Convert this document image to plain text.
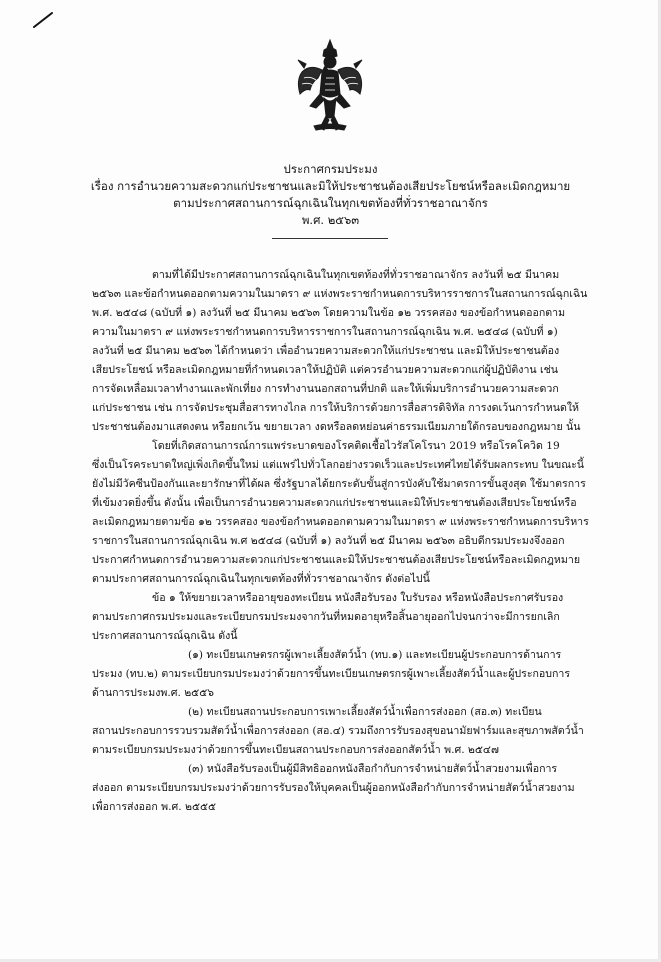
ประกาศกรมประมง
เรื่อง การอำนวยความสะดวกแก่ประชาชนและมิให้ประชาชนต้องเสียประโยชน์หรือละเมิดกฎหมาย
ตามประกาศสถานการณ์ฉุกเฉินในทุกเขตท้องที่ทั่วราชอาณาจักร
พ.ศ. ๒๕๖๓
ตามที่ได้มีประกาศสถานการณ์ฉุกเฉินในทุกเขตท้องที่ทั่วราชอาณาจักร ลงวันที่ ๒๕ มีนาคม
๒๕๖๓ และข้อกำหนดออกตามความในมาตรา ๙ แห่งพระราชกำหนดการบริหารราชการในสถานการณ์ฉุกเฉิน
พ.ศ. ๒๕๔๘ (ฉบับที่ ๑) ลงวันที่ ๒๕ มีนาคม ๒๕๖๓ โดยความในข้อ ๑๒ วรรคสอง ของข้อกำหนดออกตาม
ความในมาตรา ๙ แห่งพระราชกำหนดการบริหารราชการในสถานการณ์ฉุกเฉิน พ.ศ. ๒๕๔๘ (ฉบับที่ ๑)
ลงวันที่ ๒๕ มีนาคม ๒๕๖๓ ได้กำหนดว่า เพื่ออำนวยความสะดวกให้แก่ประชาชน และมิให้ประชาชนต้อง
เสียประโยชน์ หรือละเมิดกฎหมายที่กำหนดเวลาให้ปฏิบัติ แต่ควรอำนวยความสะดวกแก่ผู้ปฏิบัติงาน เช่น
การจัดเหลื่อมเวลาทำงานและพักเที่ยง การทำงานนอกสถานที่ปกติ และให้เพิ่มบริการอำนวยความสะดวก
แก่ประชาชน เช่น การจัดประชุมสื่อสารทางไกล การให้บริการด้วยการสื่อสารดิจิทัล การงดเว้นการกำหนดให้
ประชาชนต้องมาแสดงตน หรือยกเว้น ขยายเวลา งดหรือลดหย่อนค่าธรรมเนียมภายใต้กรอบของกฎหมาย นั้น
โดยที่เกิดสถานการณ์การแพร่ระบาดของโรคติดเชื้อไวรัสโคโรนา 2019 หรือโรคโควิด 19
ซึ่งเป็นโรคระบาดใหญ่เพิ่งเกิดขึ้นใหม่ แต่แพร่ไปทั่วโลกอย่างรวดเร็วและประเทศไทยได้รับผลกระทบ ในขณะนี้
ยังไม่มีวัคซีนป้องกันและยารักษาที่ได้ผล ซึ่งรัฐบาลได้ยกระดับขั้นสู่การบังคับใช้มาตรการขั้นสูงสุด ใช้มาตรการ
ที่เข้มงวดยิ่งขึ้น ดังนั้น เพื่อเป็นการอำนวยความสะดวกแก่ประชาชนและมิให้ประชาชนต้องเสียประโยชน์หรือ
ละเมิดกฎหมายตามข้อ ๑๒ วรรคสอง ของข้อกำหนดออกตามความในมาตรา ๙ แห่งพระราชกำหนดการบริหาร
ราชการในสถานการณ์ฉุกเฉิน พ.ศ ๒๕๔๘ (ฉบับที่ ๑) ลงวันที่ ๒๕ มีนาคม ๒๕๖๓ อธิบดีกรมประมงจึงออก
ประกาศกำหนดการอำนวยความสะดวกแก่ประชาชนและมิให้ประชาชนต้องเสียประโยชน์หรือละเมิดกฎหมาย
ตามประกาศสถานการณ์ฉุกเฉินในทุกเขตท้องที่ทั่วราชอาณาจักร ดังต่อไปนี้
ข้อ ๑ ให้ขยายเวลาหรืออายุของทะเบียน หนังสือรับรอง ใบรับรอง หรือหนังสือประกาศรับรอง
ตามประกาศกรมประมงและระเบียบกรมประมงจากวันที่หมดอายุหรือสิ้นอายุออกไปจนกว่าจะมีการยกเลิก
ประกาศสถานการณ์ฉุกเฉิน ดังนี้
(๑) ทะเบียนเกษตรกรผู้เพาะเลี้ยงสัตว์น้ำ (ทบ.๑) และทะเบียนผู้ประกอบการด้านการ
ประมง (ทบ.๒) ตามระเบียบกรมประมงว่าด้วยการขึ้นทะเบียนเกษตรกรผู้เพาะเลี้ยงสัตว์น้ำและผู้ประกอบการ
ด้านการประมงพ.ศ. ๒๕๕๖
(๒) ทะเบียนสถานประกอบการเพาะเลี้ยงสัตว์น้ำเพื่อการส่งออก (สอ.๓) ทะเบียน
สถานประกอบการรวบรวมสัตว์น้ำเพื่อการส่งออก (สอ.๔) รวมถึงการรับรองสุขอนามัยฟาร์มและสุขภาพสัตว์น้ำ
ตามระเบียบกรมประมงว่าด้วยการขึ้นทะเบียนสถานประกอบการส่งออกสัตว์น้ำ พ.ศ. ๒๕๔๗
(๓) หนังสือรับรองเป็นผู้มีสิทธิออกหนังสือกำกับการจำหน่ายสัตว์น้ำสวยงามเพื่อการ
ส่งออก ตามระเบียบกรมประมงว่าด้วยการรับรองให้บุคคลเป็นผู้ออกหนังสือกำกับการจำหน่ายสัตว์น้ำสวยงาม
เพื่อการส่งออก พ.ศ. ๒๕๕๕
